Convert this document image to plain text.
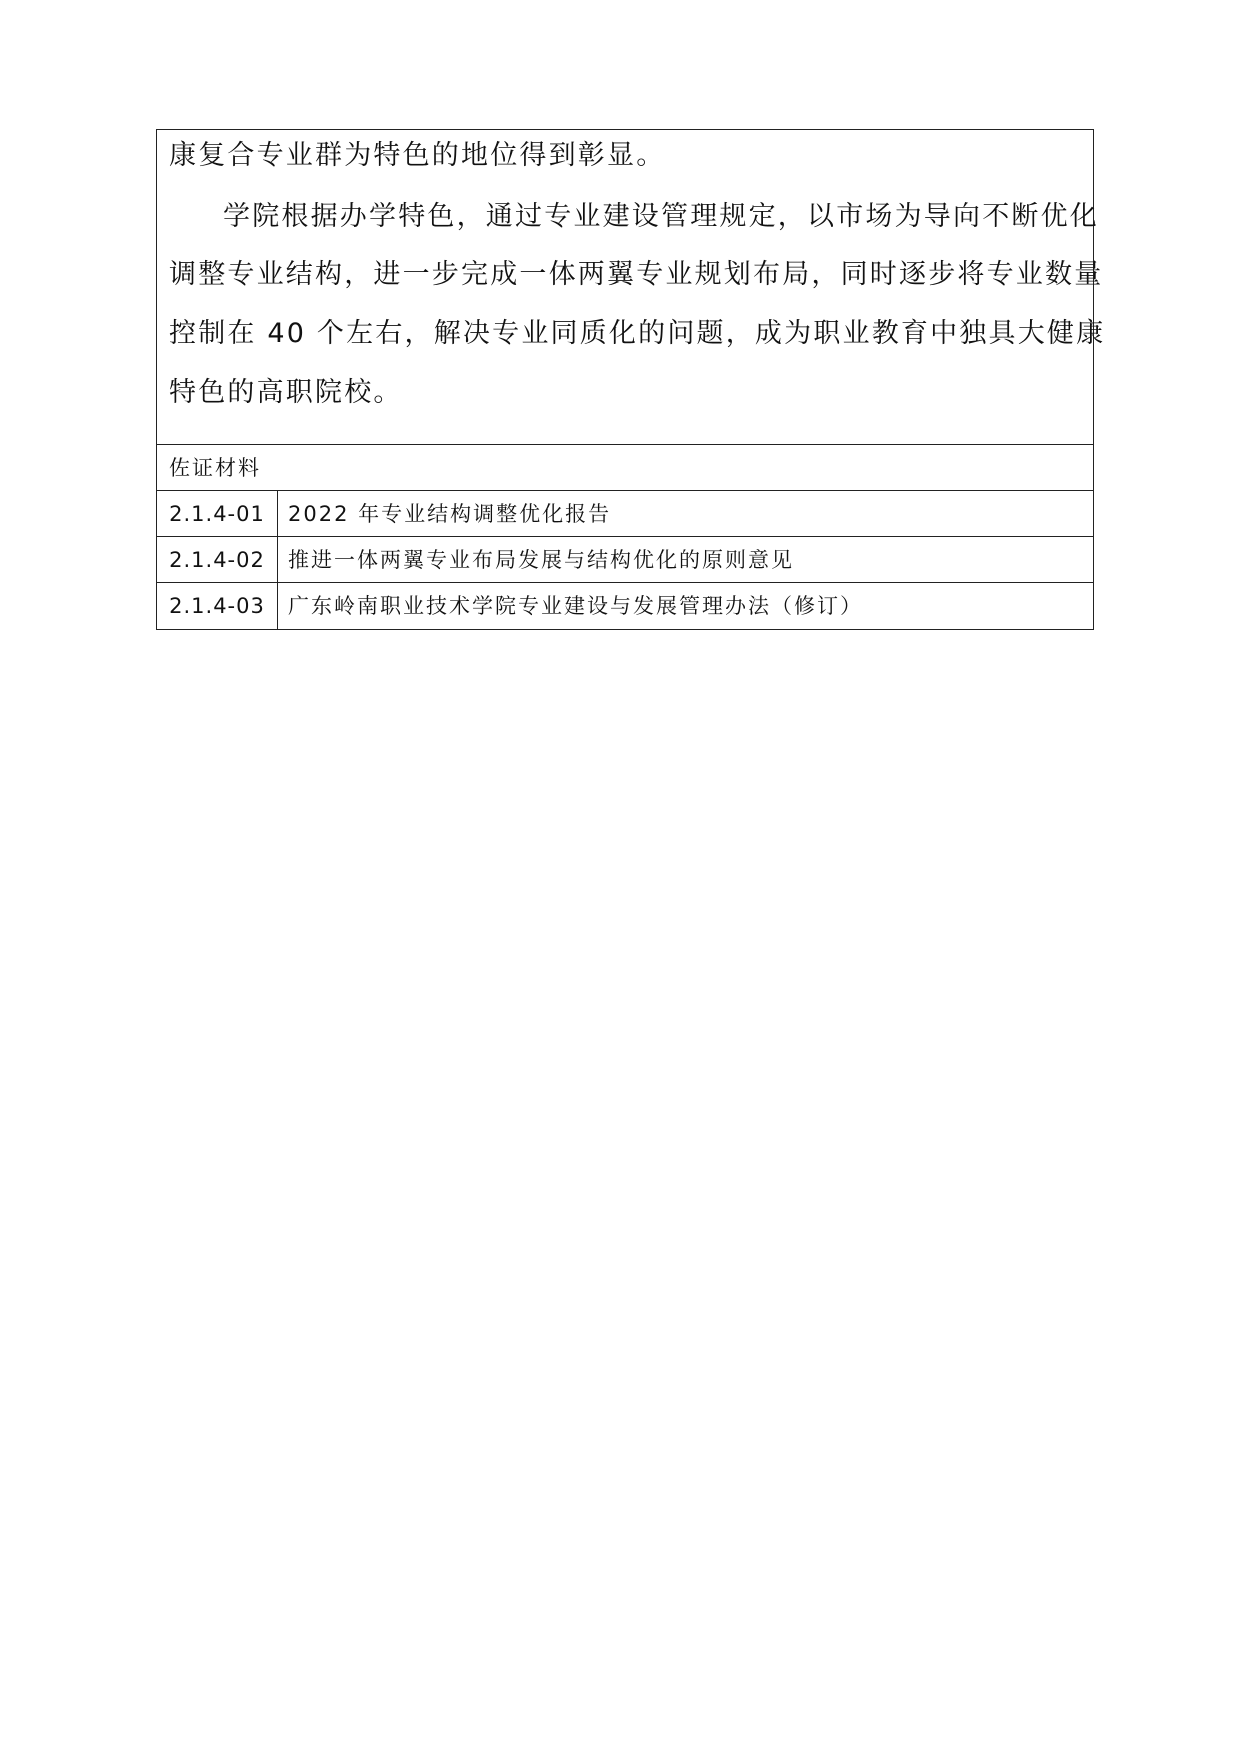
康复合专业群为特色的地位得到彰显。
学院根据办学特色，通过专业建设管理规定，以市场为导向不断优化
调整专业结构，进一步完成一体两翼专业规划布局，同时逐步将专业数量
控制在 40 个左右，解决专业同质化的问题，成为职业教育中独具大健康
特色的高职院校。
佐证材料
2.1.4-01	2022 年专业结构调整优化报告
2.1.4-02	推进一体两翼专业布局发展与结构优化的原则意见
2.1.4-03	广东岭南职业技术学院专业建设与发展管理办法（修订）
